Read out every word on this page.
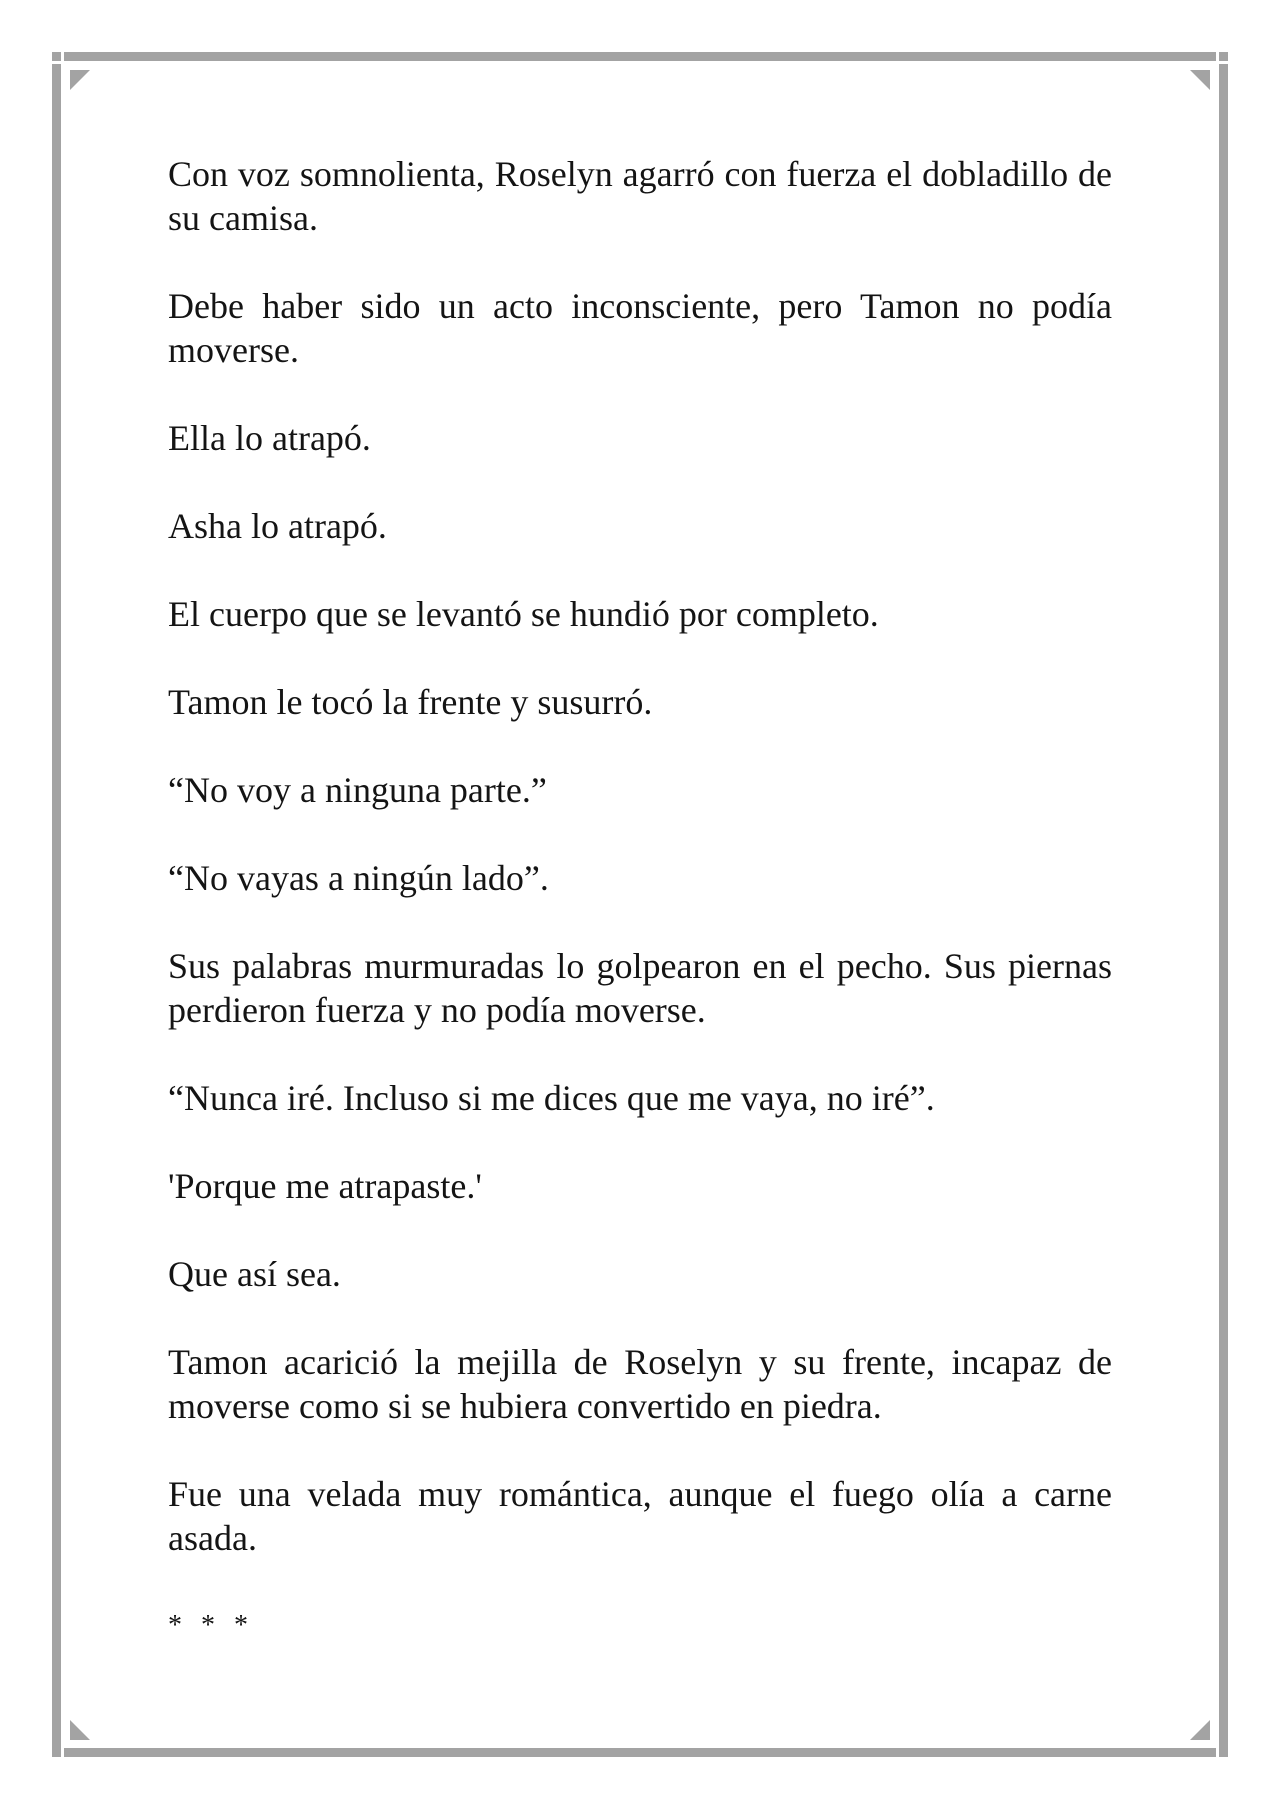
Con voz somnolienta, Roselyn agarró con fuerza el dobladillo de su camisa.

Debe haber sido un acto inconsciente, pero Tamon no podía moverse.

Ella lo atrapó.

Asha lo atrapó.

El cuerpo que se levantó se hundió por completo.

Tamon le tocó la frente y susurró.

“No voy a ninguna parte.”

“No vayas a ningún lado”.

Sus palabras murmuradas lo golpearon en el pecho. Sus piernas perdieron fuerza y no podía moverse.

“Nunca iré. Incluso si me dices que me vaya, no iré”.

'Porque me atrapaste.'

Que así sea.

Tamon acarició la mejilla de Roselyn y su frente, incapaz de moverse como si se hubiera convertido en piedra.

Fue una velada muy romántica, aunque el fuego olía a carne asada.

* * *
